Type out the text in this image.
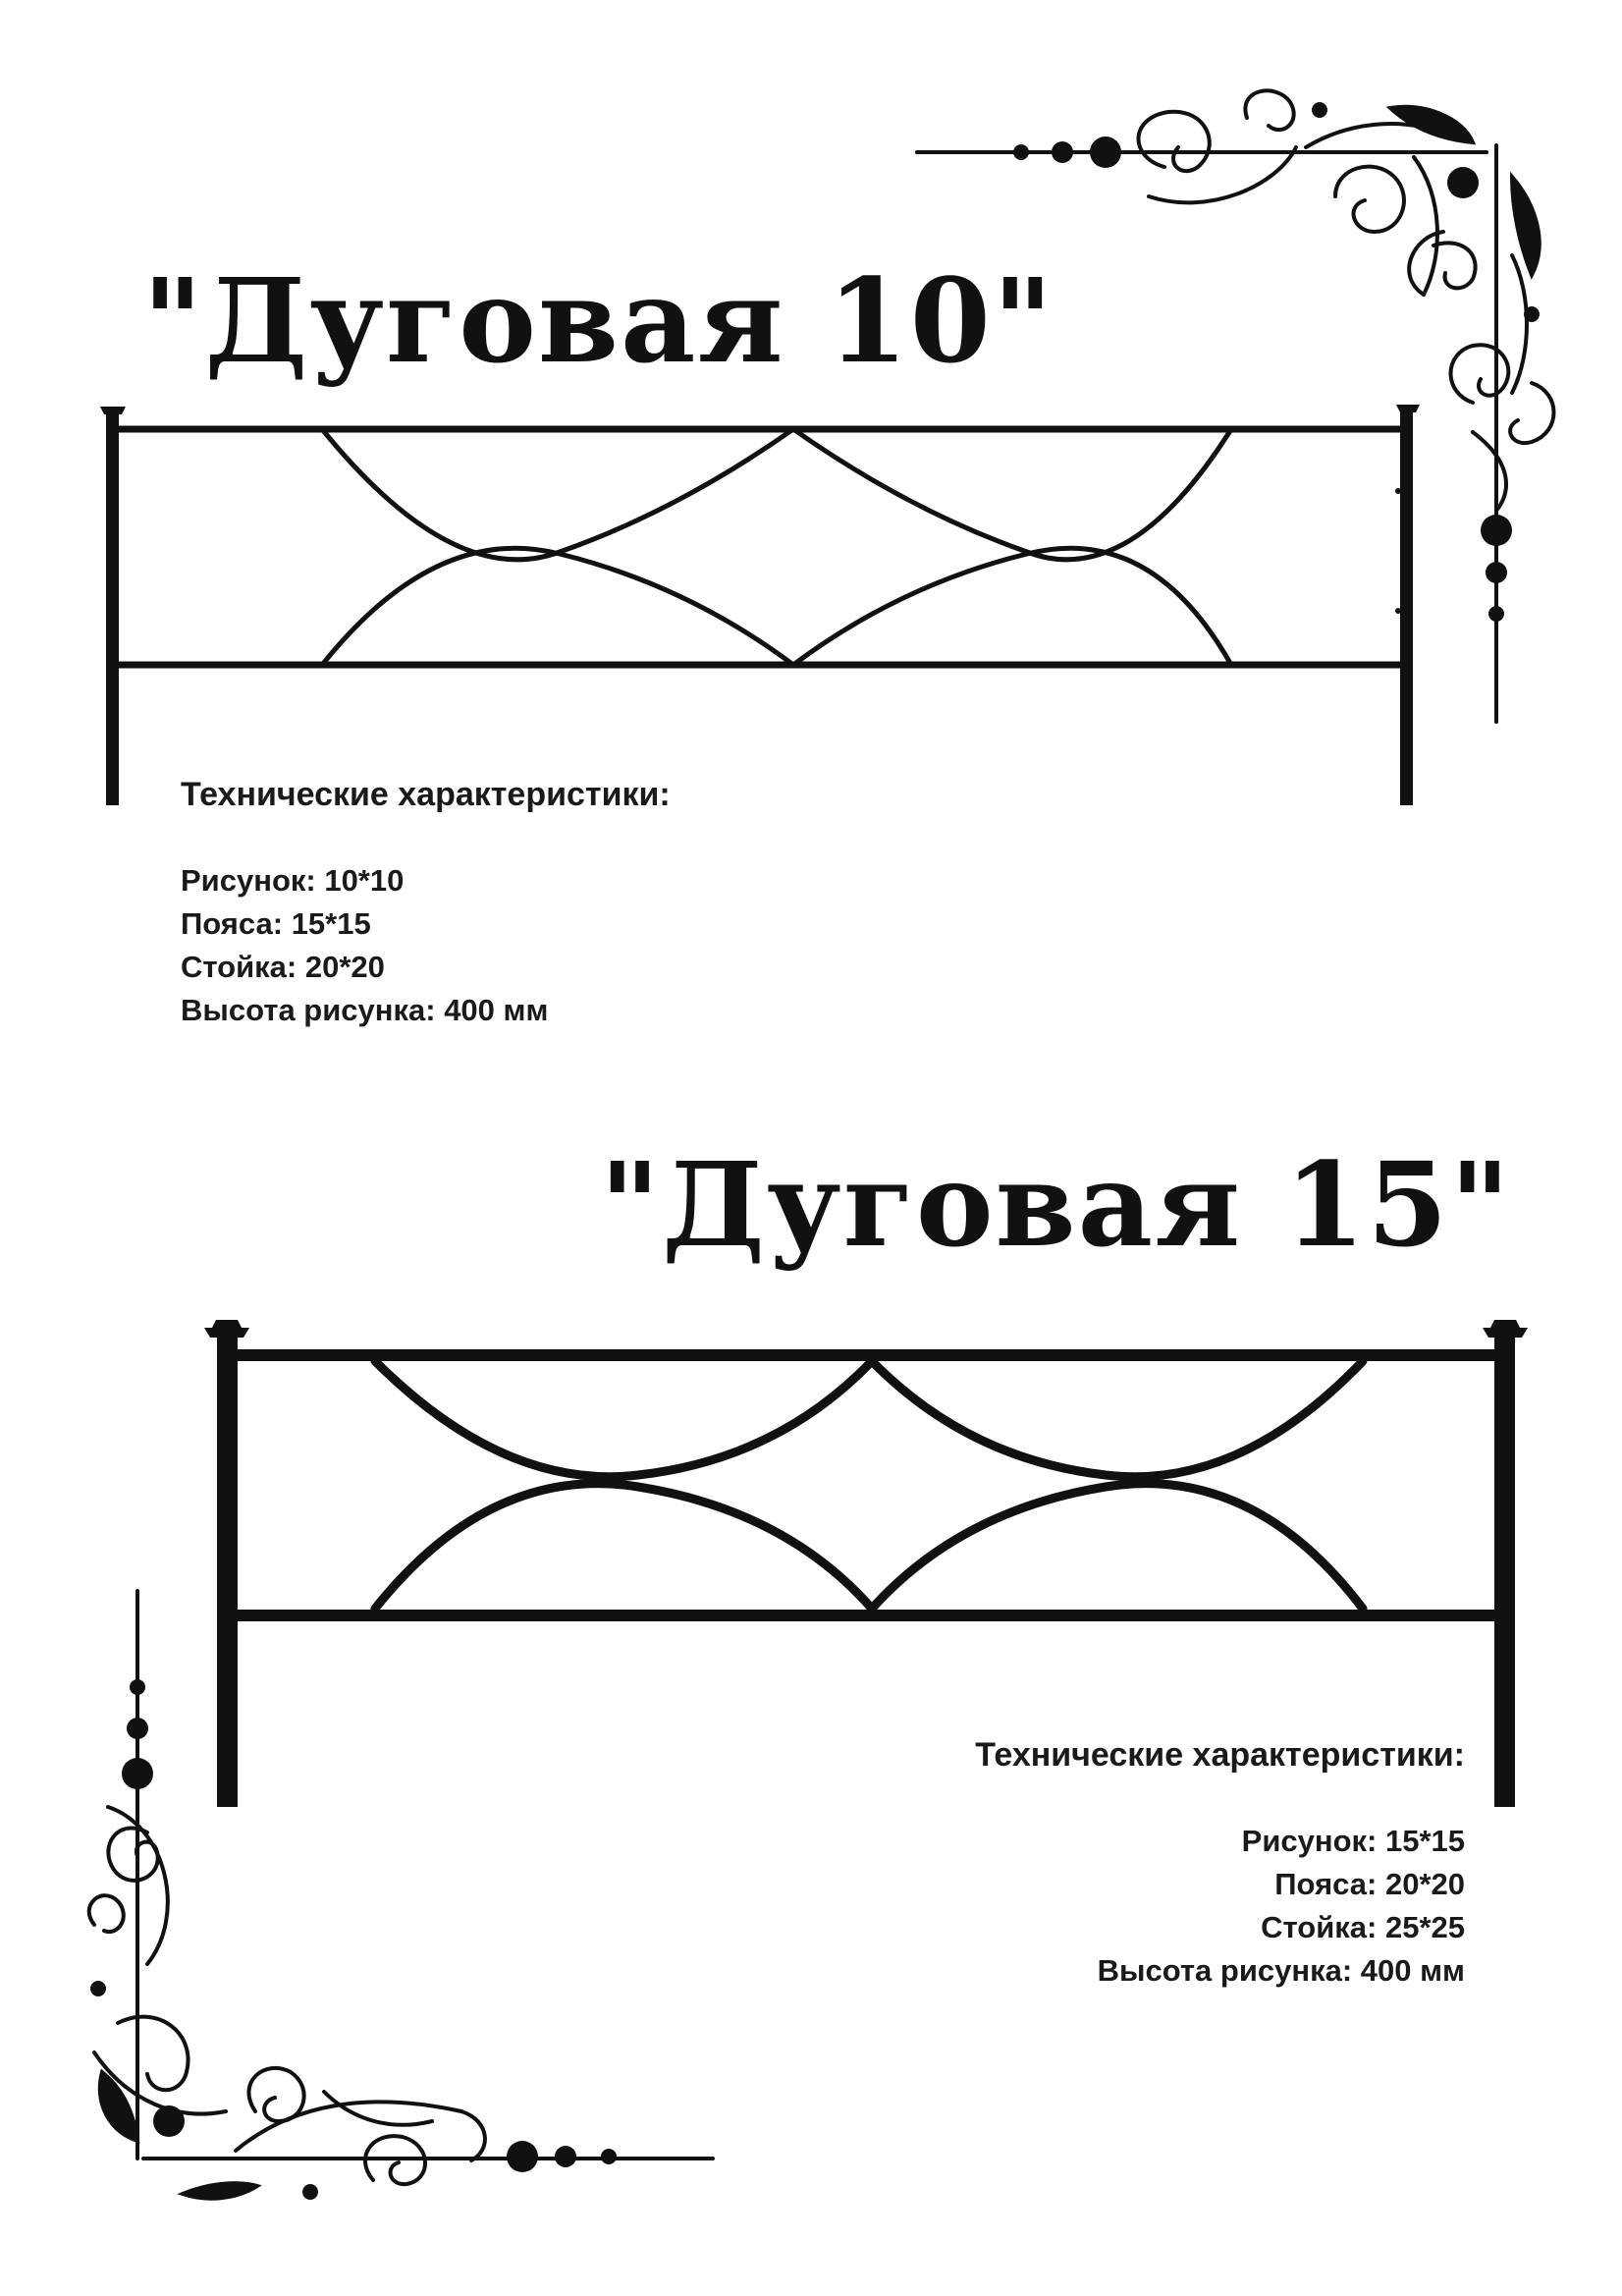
"Дуговая 10"
Технические характеристики:
Рисунок: 10*10
Пояса: 15*15
Стойка: 20*20
Высота рисунка: 400 мм
"Дуговая 15"
Технические характеристики:
Рисунок: 15*15
Пояса: 20*20
Стойка: 25*25
Высота рисунка: 400 мм
